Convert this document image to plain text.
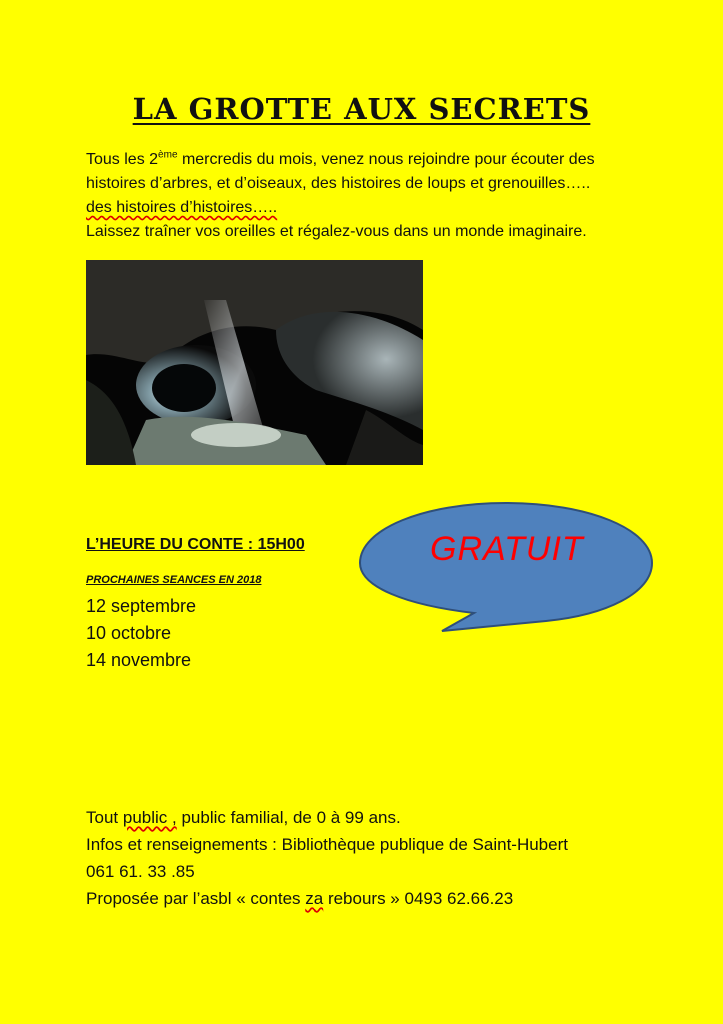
LA GROTTE AUX SECRETS
Tous les 2ème mercredis du mois, venez nous rejoindre pour écouter des
histoires d’arbres, et d’oiseaux, des histoires de loups et grenouilles…..
des histoires d’histoires…..
Laissez traîner vos oreilles et régalez-vous dans un monde imaginaire.
L’HEURE DU CONTE : 15H00	GRATUIT
PROCHAINES SEANCES EN 2018
12 septembre
10 octobre
14 novembre
Tout public , public familial, de 0 à 99 ans.
Infos et renseignements : Bibliothèque publique de Saint-Hubert
061 61. 33 .85
Proposée par l’asbl « contes za rebours » 0493 62.66.23
